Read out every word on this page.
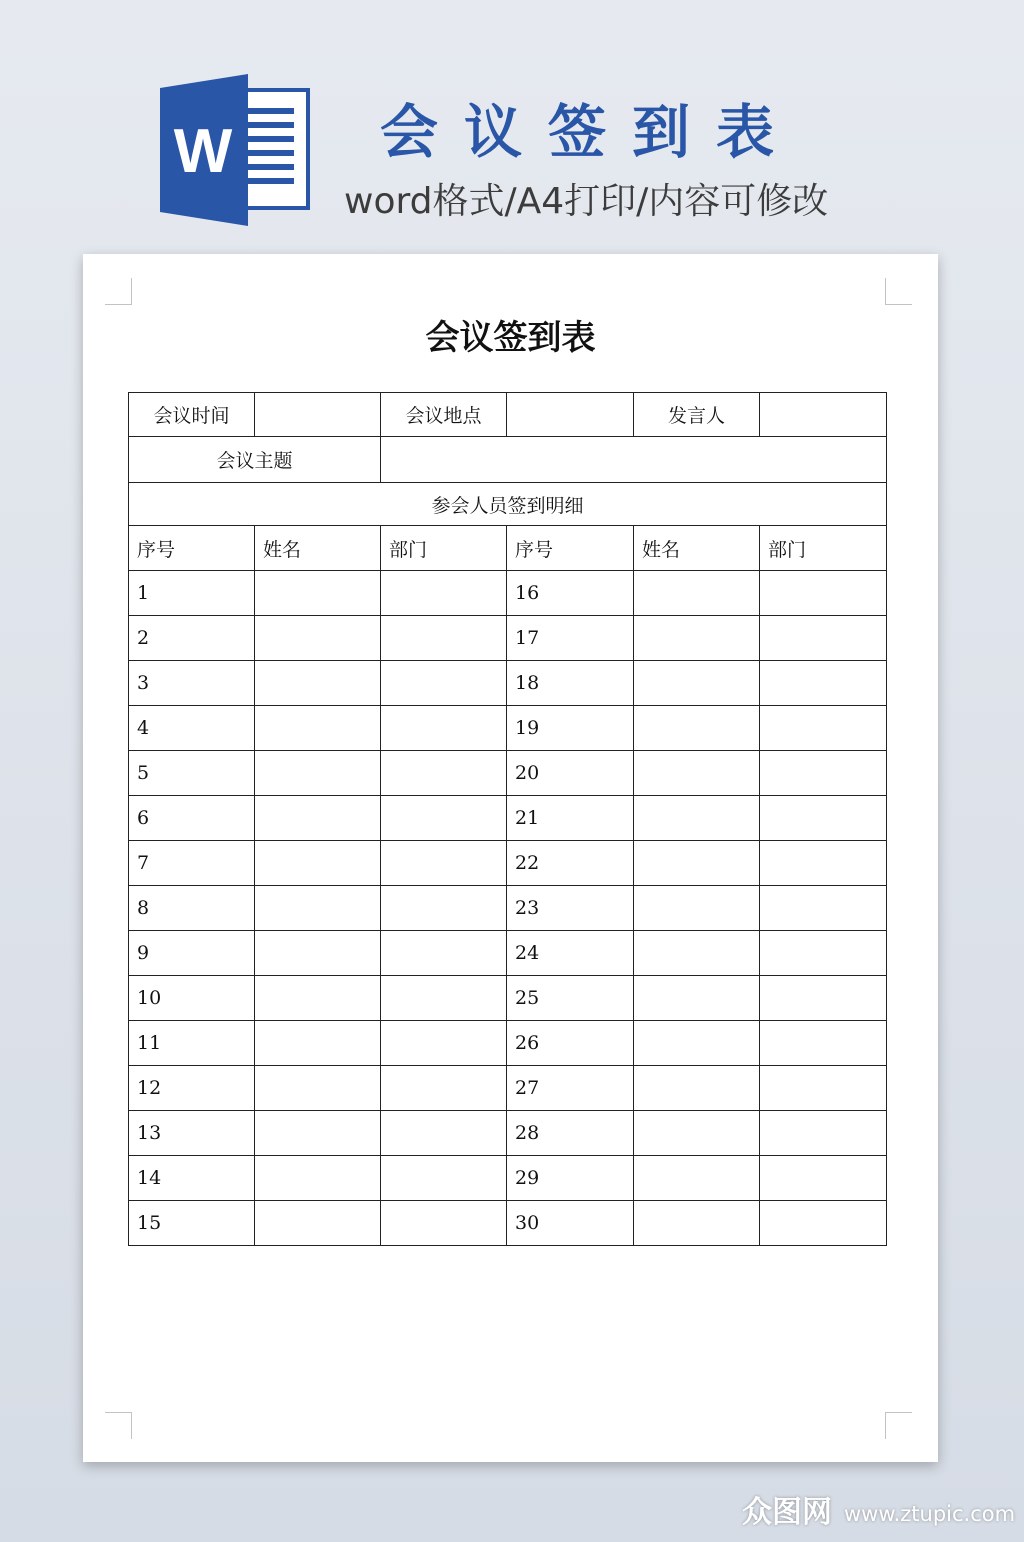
W	会议签到表
word格式/A4打印/内容可修改
会议签到表
会议时间		会议地点		发言人	
会议主题					
参会人员签到明细					
序号	姓名	部门	序号	姓名	部门
1			16		
2			17		
3			18		
4			19		
5			20		
6			21		
7			22		
8			23		
9			24		
10			25		
11			26		
12			27		
13			28		
14			29		
15			30		
众图网 www.ztupic.com
